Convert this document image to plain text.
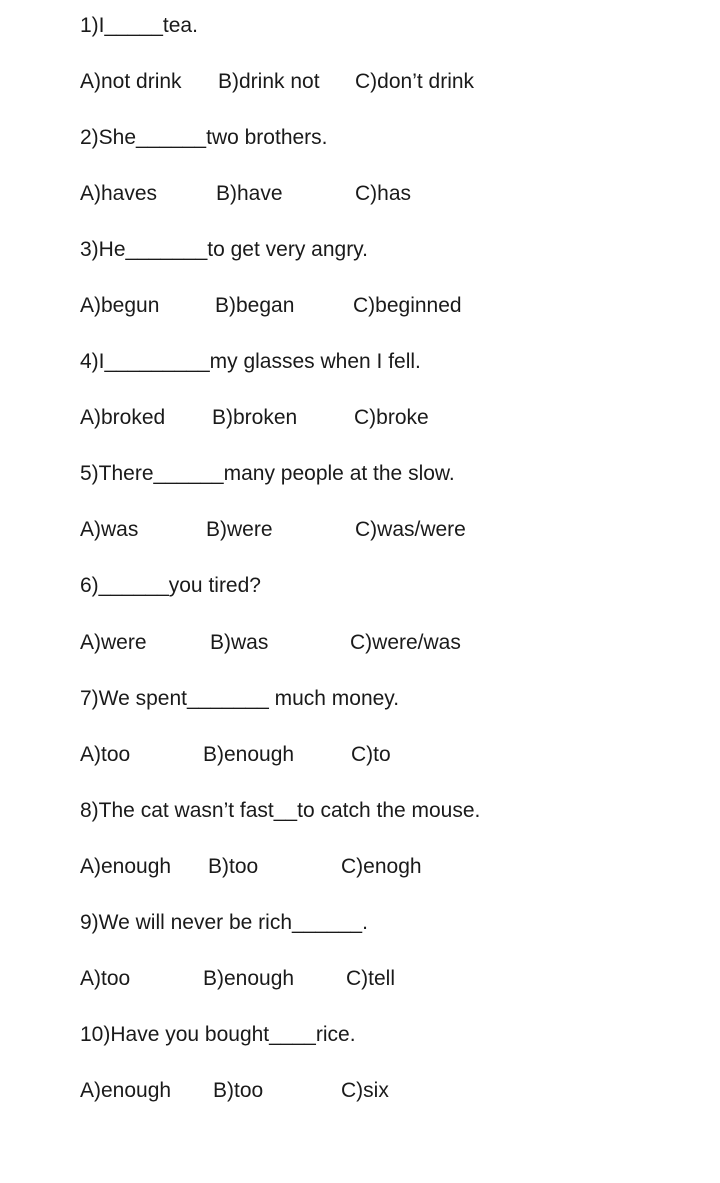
1)I_____tea.
A)not drink B)drink not C)don’t drink
2)She______two brothers.
A)haves	B)have	C)has
3)He_______to get very angry.
A)begun	B)began	C)beginned
4)I_________my glasses when I fell.
A)broked B)broken	C)broke
5)There______many people at the slow.
A)was	B)were	C)was/were
6)______you tired?
A)were	B)was	C)were/was
7)We spent_______ much money.
A)too	B)enough	C)to
8)The cat wasn’t fast__to catch the mouse.
A)enough B)too	C)enogh
9)We will never be rich______.
A)too	B)enough C)tell
10)Have you bought____rice.
A)enough B)too	C)six
